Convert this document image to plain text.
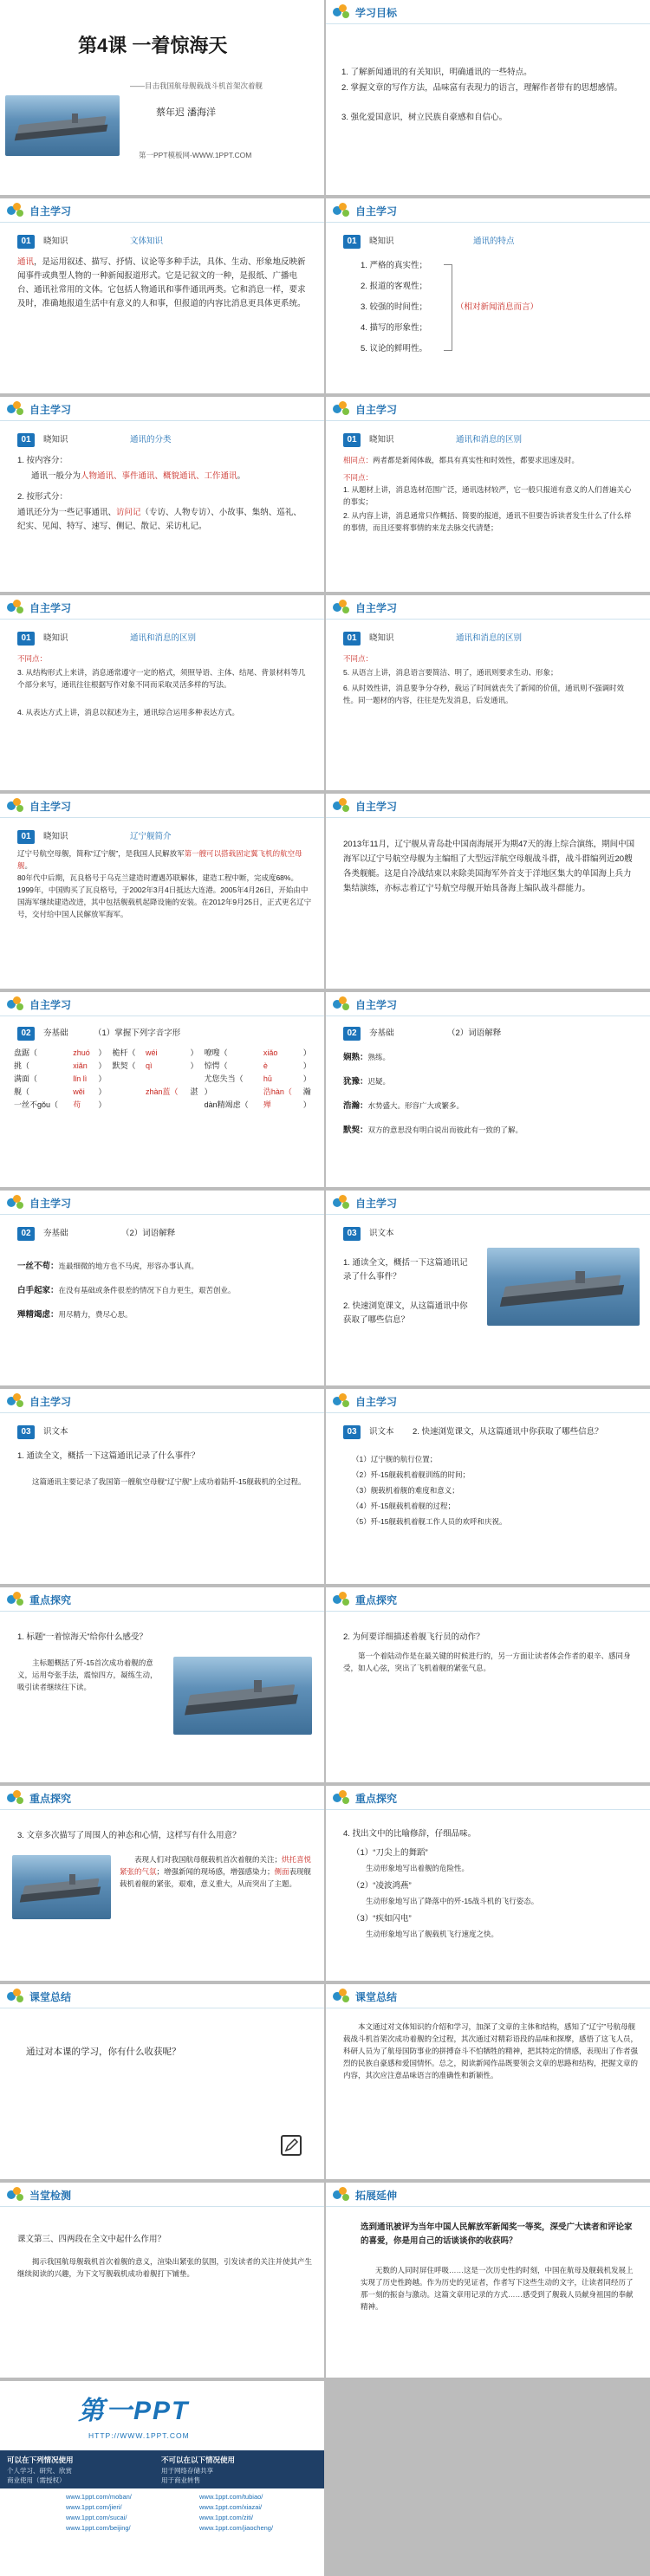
第4课 一着惊海天
——目击我国航母舰载战斗机首架次着舰
蔡年迟 潘海洋
第一PPT模板网-WWW.1PPT.COM
学习目标
1. 了解新闻通讯的有关知识，明确通讯的一些特点。
2. 掌握文章的写作方法，品味富有表现力的语言，理解作者带有的思想感情。
3. 强化爱国意识，树立民族自豪感和自信心。
自主学习
01	晓知识	文体知识
通讯，是运用叙述、描写、抒情、议论等多种手法，具体、生动、形象地反映新闻事件或典型人物的一种新闻报道形式。它是记叙文的一种，是报纸、广播电台、通讯社常用的文体。它包括人物通讯和事件通讯两类。它和消息一样，要求及时，准确地报道生活中有意义的人和事，但报道的内容比消息更具体更系统。
自主学习
01	晓知识	通讯的特点
1. 严格的真实性；
2. 报道的客观性；
3. 较强的时间性；
4. 描写的形象性；
5. 议论的鲜明性。
（相对新闻消息而言）
自主学习
01	晓知识	通讯的分类
1. 按内容分：
通讯一般分为人物通讯、事件通讯、概貌通讯、工作通讯。
2. 按形式分：
通讯还分为一些记事通讯、访问记（专访、人物专访）、小故事、集纳、巡礼、纪实、见闻、特写、速写、侧记、散记、采访札记。
自主学习
01	晓知识	通讯和消息的区别
相同点：两者都是新闻体裁，都具有真实性和时效性，都要求迅速及时。
不同点：
1. 从题材上讲，消息选材范围广泛，通讯选材较严，它一般只报道有意义的人们普遍关心的事实；
2. 从内容上讲，消息通常只作概括、简要的报道，通讯不但要告诉读者发生什么了什么样的事情，而且还要将事情的来龙去脉交代清楚；
自主学习
01	晓知识	通讯和消息的区别
不同点：
3. 从结构形式上来讲，消息通常遵守一定的格式，须照导语、主体、结尾、背景材料等几个部分来写，通讯往往根据写作对象不同而采取灵活多样的写法。
4. 从表达方式上讲，消息以叙述为主，通讯综合运用多种表达方式。
自主学习
01	晓知识	通讯和消息的区别
不同点：
5. 从语言上讲，消息语言要简洁、明了，通讯则要求生动、形象；
6. 从时效性讲，消息要争分夺秒，载运了时间就丧失了新闻的价值，通讯则不强调时效性。同一题材的内容，往往是先发消息，后发通讯。
自主学习
01	晓知识	辽宁舰简介
辽宁号航空母舰，简称“辽宁舰”，是我国人民解放军第一艘可以搭载固定翼飞机的航空母舰。
80年代中后期，瓦良格号于乌克兰建造时遭遇苏联解体，建造工程中断，完成度68%。1999年，中国购买了瓦良格号，于2002年3月4日抵达大连港。2005年4月26日，开始由中国海军继续建造改进，其中包括舰载机起降设施的安装。在2012年9月25日，正式更名辽宁号，交付给中国人民解放军海军。
自主学习
2013年11月，辽宁舰从青岛赴中国南海展开为期47天的海上综合演练，期间中国海军以辽宁号航空母舰为主编组了大型远洋航空母舰战斗群，战斗群编列近20艘各类舰艇。这是自冷战结束以来除美国海军外首支于洋地区集大的单国海上兵力集结演练，亦标志着辽宁号航空母舰开始具备海上编队战斗群能力。
自主学习
02	夯基础	（1）掌握下列字音字形
盘踞（	zhuó	）	桅杆（	wéi	）	嘹嗖（	xiǎo	）
挑（	xiǎn	）	默契（	qì	）	惊愕（	è	）
满面（	lǐn lì	）				尤您失当（	hū	）
舰（	wěi	）		zhàn蓝（	湛	）	浩hàn（	瀚
一丝不gǒu（	苟	）				dàn精竭虑（	殚	）
自主学习
02	夯基础	（2）词语解释
娴熟：熟练。
犹豫：迟疑。
浩瀚：水势盛大。形容广大或繁多。
默契：双方的意思没有明白说出而彼此有一致的了解。
自主学习
02	夯基础	（2）词语解释
一丝不苟：连最细微的地方也不马虎，形容办事认真。
白手起家：在没有基础或条件很差的情况下自力更生，艰苦创业。
殚精竭虑：用尽精力，费尽心思。
自主学习
03	识文本
1. 通读全文，概括一下这篇通讯记录了什么事件？
2. 快速浏览课文，从这篇通讯中你获取了哪些信息？
自主学习
03	识文本
1. 通读全文，概括一下这篇通讯记录了什么事件？
这篇通讯主要记录了我国第一艘航空母舰“辽宁舰”上成功着陆歼-15舰载机的全过程。
自主学习
03	识文本 2. 快速浏览课文，从这篇通讯中你获取了哪些信息？
（1）辽宁舰的航行位置；
（2）歼-15舰载机着舰训练的时间；
（3）舰载机着舰的难度和意义；
（4）歼-15舰载机着舰的过程；
（5）歼-15舰载机着舰工作人员的欢呼和庆祝。
重点探究
1. 标题“一着惊海天”给你什么感受？
主标题概括了歼-15首次成功着舰的意义，运用夸张手法，震惊四方，凝练生动，吸引读者继续往下读。
重点探究
2. 为何要详细描述着舰飞行员的动作？
第一个着陆动作是在最关键的时候进行的，另一方面让读者体会作者的艰辛、感同身受，如人心弦，突出了飞机着舰的紧张气息。
重点探究
3. 文章多次描写了周围人的神态和心情，这样写有什么用意？
表现人们对我国航母舰载机首次着舰的关注；烘托喜悦紧张的气氛；增强新闻的现场感，增强感染力；侧面表现舰载机着舰的紧张，艰难，意义重大，从而突出了主题。
重点探究
4. 找出文中的比喻修辞，仔细品味。
（1）“刀尖上的舞蹈”
生动形象地写出着舰的危险性。
（2）“凌波鸿燕”
生动形象地写出了降落中的歼-15战斗机的飞行姿态。
（3）“疾如闪电”
生动形象地写出了舰载机飞行速度之快。
课堂总结
通过对本课的学习，你有什么收获呢？
课堂总结
本文通过对文体知识的介绍和学习，加深了文章的主体和结构，感知了“辽宁”号航母舰载战斗机首架次成功着舰的全过程，其次通过对精彩语段的品味和探摩，感悟了这飞人员，科研人员为了航母国防事业的拼搏奋斗不怕牺牲的精神，把其特定的情感，表现出了作者强烈的民族自豪感和爱国情怀。总之，阅读新闻作品既要领会文章的思路和结构，把握文章的内容，其次应注意品味语言的准确性和新颖性。
当堂检测
课文第三、四两段在全文中起什么作用？
揭示我国航母舰载机首次着舰的意义，渲染出紧张的氛围，引发读者的关注并使其产生继续阅读的兴趣，为下文写舰载机成功着舰打下铺垫。
拓展延伸
选到通讯被评为当年中国人民解放军新闻奖一等奖，深受广大读者和评论家的喜爱，你是用自己的话谈谈你的收获吗？
无数的人同时屏住呼吸……这是一次历史性的时刻，中国在航母及舰载机发展上实现了历史性跨越。作为历史的见证者，作者写下这些生动的文字，让读者同经历了那一刻的振奋与激动。这篇文章用记录的方式……感受到了舰载人员献身祖国的奉献精神。
第一PPT
HTTP://WWW.1PPT.COM
可以在下列情况使用	不可以在以下情况使用
个人学习、研究、欣赏
商业使用（需授权）
用于网络存储共享
用于商业转售
www.1ppt.com/moban/
www.1ppt.com/jieri/
www.1ppt.com/sucai/
www.1ppt.com/beijing/
www.1ppt.com/tubiao/
www.1ppt.com/xiazai/
www.1ppt.com/ziti/
www.1ppt.com/jiaocheng/
